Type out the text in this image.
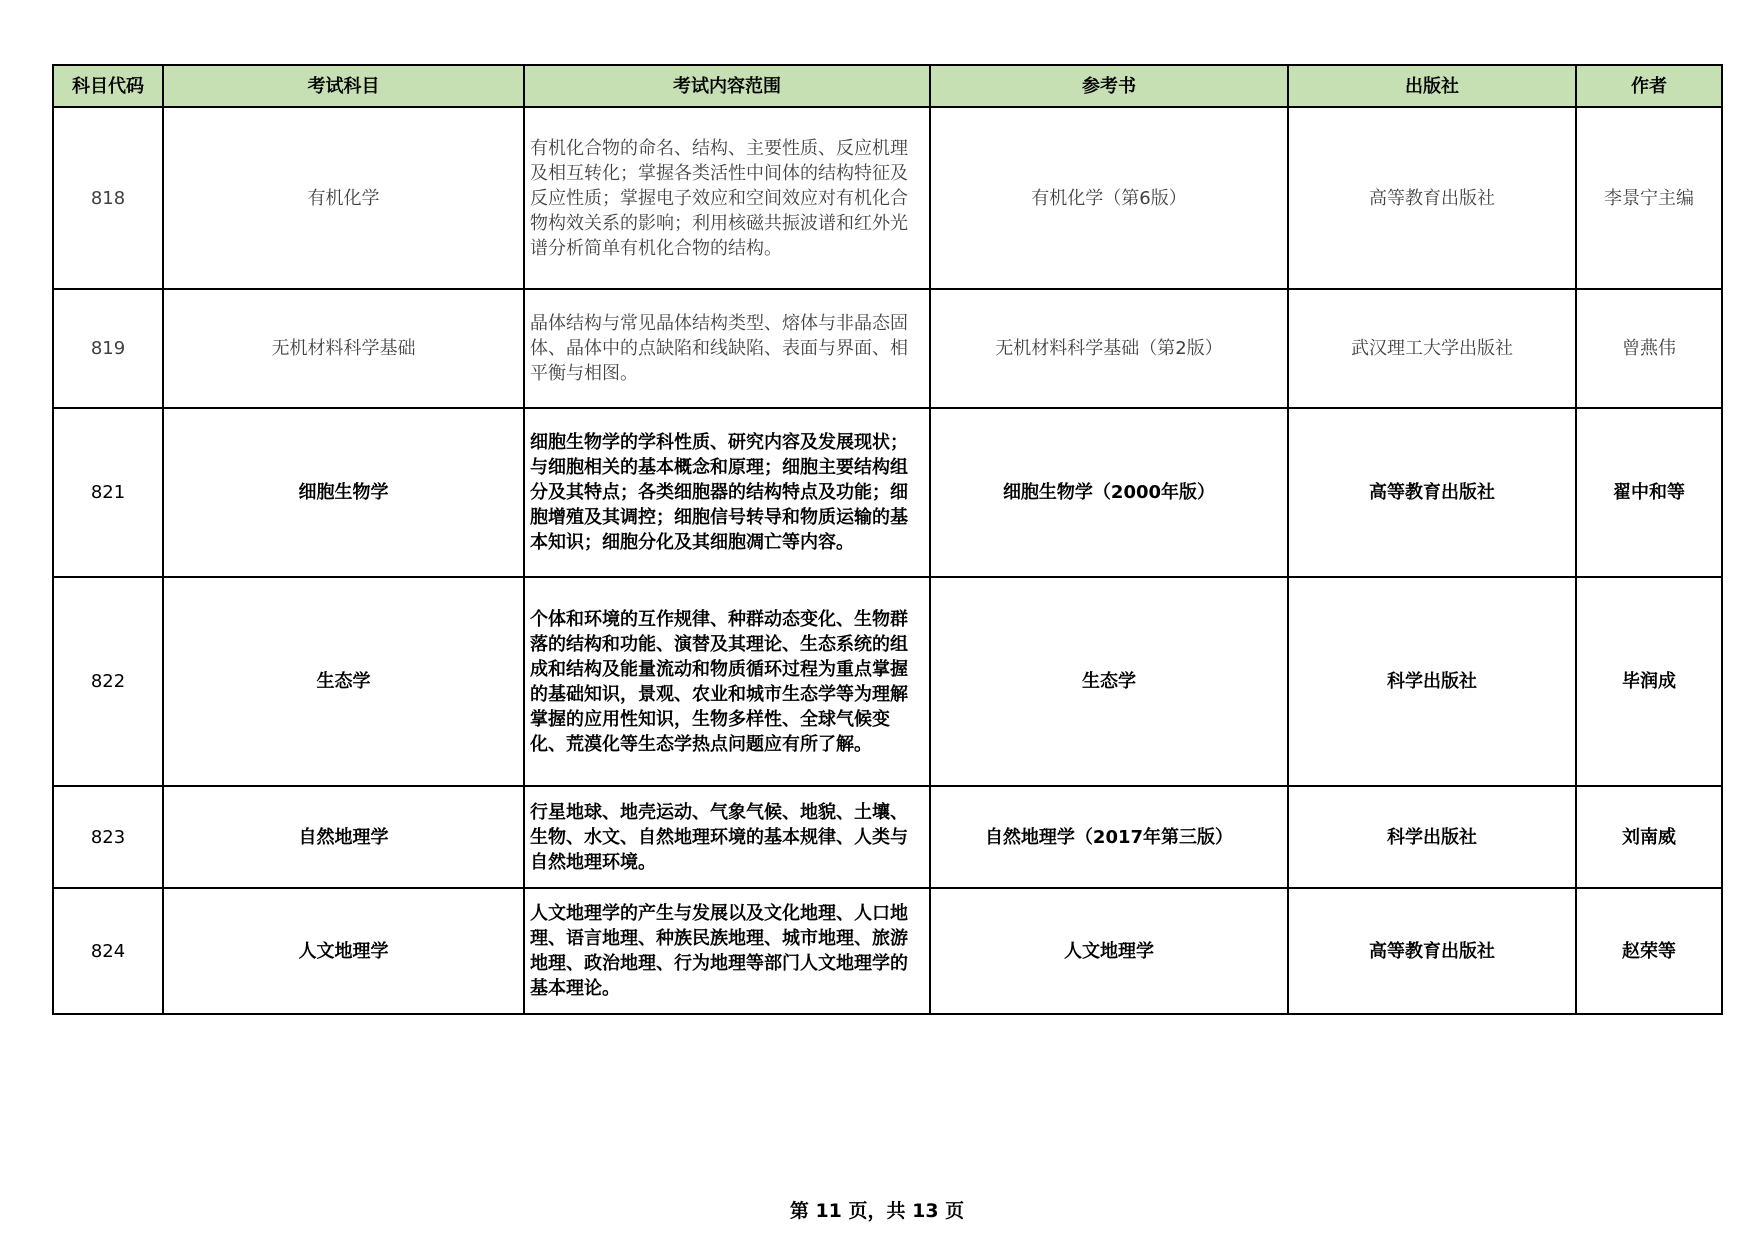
科目代码	考试科目	考试内容范围	参考书	出版社	作者
818	有机化学	有机化合物的命名、结构、主要性质、反应机理及相互转化；掌握各类活性中间体的结构特征及反应性质；掌握电子效应和空间效应对有机化合物构效关系的影响；利用核磁共振波谱和红外光谱分析简单有机化合物的结构。	有机化学（第6版）	高等教育出版社	李景宁主编
819	无机材料科学基础	晶体结构与常见晶体结构类型、熔体与非晶态固体、晶体中的点缺陷和线缺陷、表面与界面、相平衡与相图。	无机材料科学基础（第2版）	武汉理工大学出版社	曾燕伟
821	细胞生物学	细胞生物学的学科性质、研究内容及发展现状；与细胞相关的基本概念和原理；细胞主要结构组分及其特点；各类细胞器的结构特点及功能；细胞增殖及其调控；细胞信号转导和物质运输的基本知识；细胞分化及其细胞凋亡等内容。	细胞生物学（2000年版）	高等教育出版社	翟中和等
822	生态学	个体和环境的互作规律、种群动态变化、生物群落的结构和功能、演替及其理论、生态系统的组成和结构及能量流动和物质循环过程为重点掌握的基础知识，景观、农业和城市生态学等为理解掌握的应用性知识，生物多样性、全球气候变化、荒漠化等生态学热点问题应有所了解。	生态学	科学出版社	毕润成
823	自然地理学	行星地球、地壳运动、气象气候、地貌、土壤、生物、水文、自然地理环境的基本规律、人类与自然地理环境。	自然地理学（2017年第三版）	科学出版社	刘南威
824	人文地理学	人文地理学的产生与发展以及文化地理、人口地理、语言地理、种族民族地理、城市地理、旅游地理、政治地理、行为地理等部门人文地理学的基本理论。	人文地理学	高等教育出版社	赵荣等
第 11 页，共 13 页
